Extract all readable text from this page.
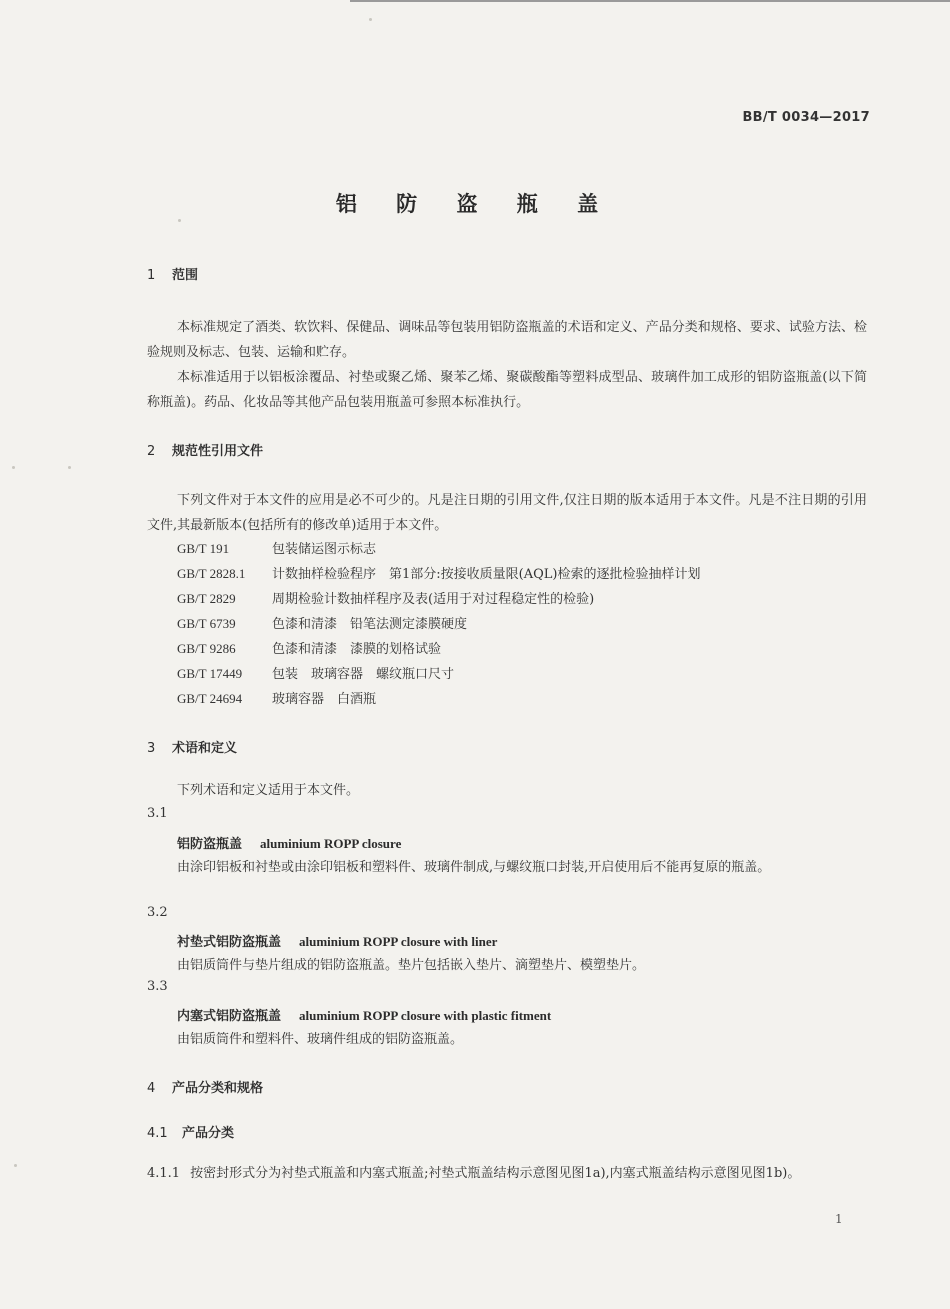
BB/T 0034—2017
铝 防 盗 瓶 盖
1 范围
本标准规定了酒类、软饮料、保健品、调味品等包装用铝防盗瓶盖的术语和定义、产品分类和规格、要求、试验方法、检验规则及标志、包装、运输和贮存。
本标准适用于以铝板涂覆品、衬垫或聚乙烯、聚苯乙烯、聚碳酸酯等塑料成型品、玻璃件加工成形的铝防盗瓶盖(以下简称瓶盖)。药品、化妆品等其他产品包装用瓶盖可参照本标准执行。
2 规范性引用文件
下列文件对于本文件的应用是必不可少的。凡是注日期的引用文件,仅注日期的版本适用于本文件。凡是不注日期的引用文件,其最新版本(包括所有的修改单)适用于本文件。
GB/T 191	包装储运图示标志
GB/T 2828.1 计数抽样检验程序　第1部分:按接收质量限(AQL)检索的逐批检验抽样计划
GB/T 2829	周期检验计数抽样程序及表(适用于对过程稳定性的检验)
GB/T 6739	色漆和清漆　铅笔法测定漆膜硬度
GB/T 9286	色漆和清漆　漆膜的划格试验
GB/T 17449 包装　玻璃容器　螺纹瓶口尺寸
GB/T 24694 玻璃容器　白酒瓶
3 术语和定义
下列术语和定义适用于本文件。
3.1
铝防盗瓶盖 aluminium ROPP closure
由涂印铝板和衬垫或由涂印铝板和塑料件、玻璃件制成,与螺纹瓶口封装,开启使用后不能再复原的瓶盖。
3.2
衬垫式铝防盗瓶盖 aluminium ROPP closure with liner
由铝质筒件与垫片组成的铝防盗瓶盖。垫片包括嵌入垫片、滴塑垫片、模塑垫片。
3.3
内塞式铝防盗瓶盖 aluminium ROPP closure with plastic fitment
由铝质筒件和塑料件、玻璃件组成的铝防盗瓶盖。
4 产品分类和规格
4.1 产品分类
4.1.1 按密封形式分为衬垫式瓶盖和内塞式瓶盖;衬垫式瓶盖结构示意图见图1a),内塞式瓶盖结构示意图见图1b)。
1
